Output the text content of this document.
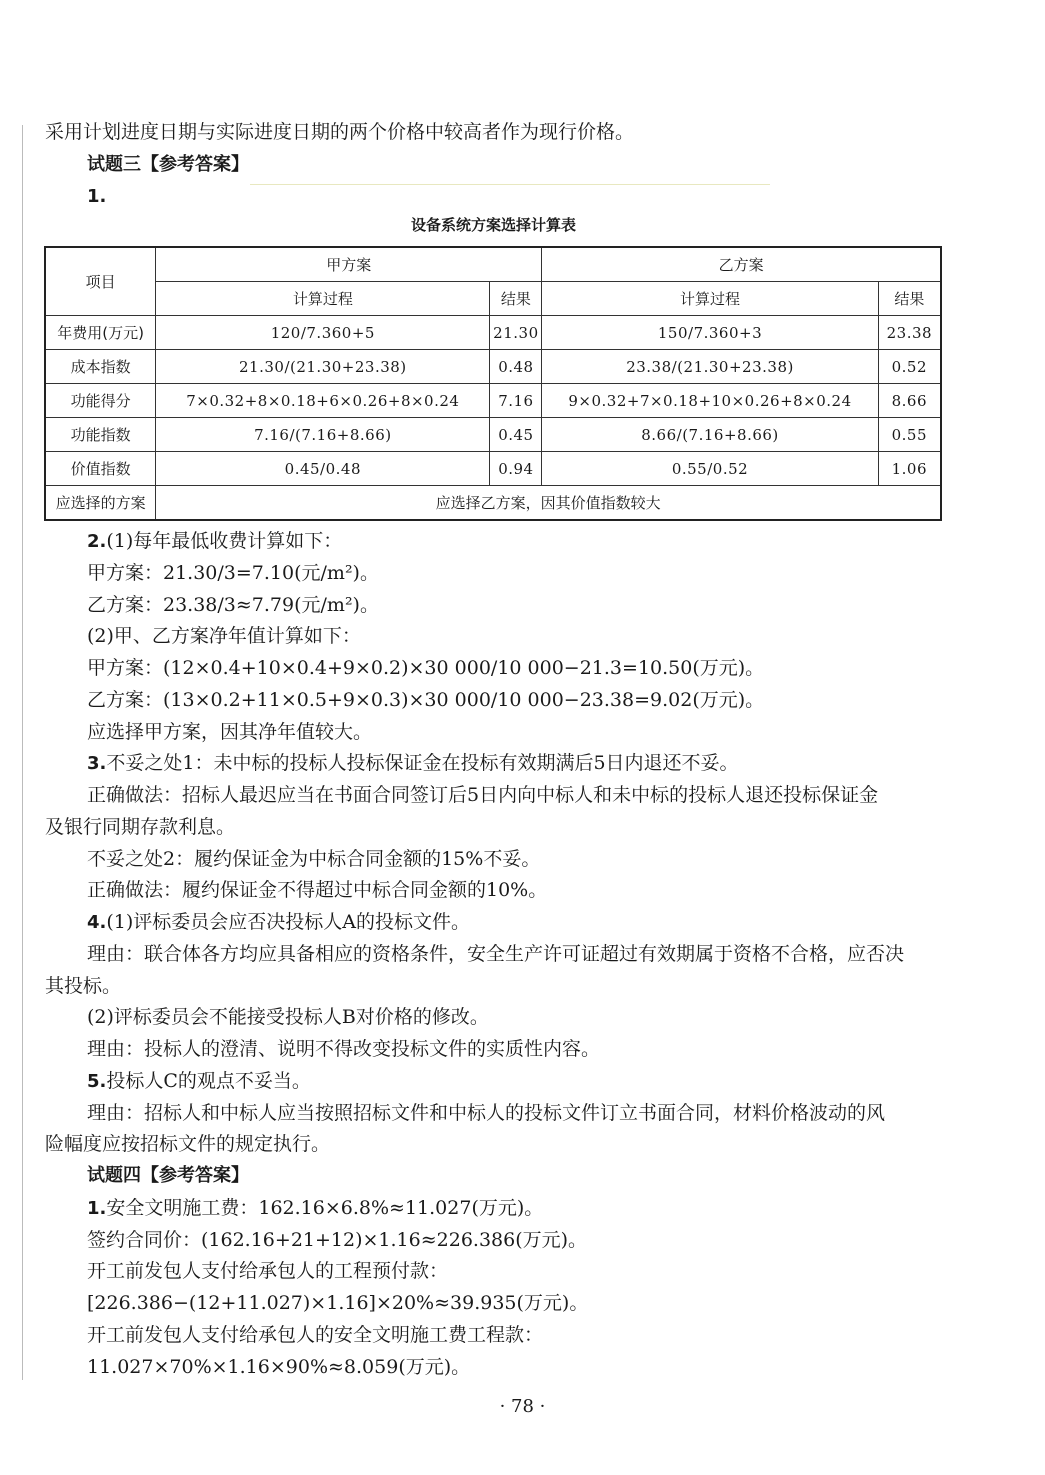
采用计划进度日期与实际进度日期的两个价格中较高者作为现行价格。
试题三【参考答案】
1.
设备系统方案选择计算表
项目	甲方案		乙方案	
	计算过程	结果	计算过程	结果
年费用(万元)	120/7.360+5	21.30	150/7.360+3	23.38
成本指数	21.30/(21.30+23.38)	0.48	23.38/(21.30+23.38)	0.52
功能得分	7×0.32+8×0.18+6×0.26+8×0.24	7.16	9×0.32+7×0.18+10×0.26+8×0.24	8.66
功能指数	7.16/(7.16+8.66)	0.45	8.66/(7.16+8.66)	0.55
价值指数	0.45/0.48	0.94	0.55/0.52	1.06
应选择的方案	应选择乙方案，因其价值指数较大			
2.(1)每年最低收费计算如下：
甲方案：21.30/3=7.10(元/m²)。
乙方案：23.38/3≈7.79(元/m²)。
(2)甲、乙方案净年值计算如下：
甲方案：(12×0.4+10×0.4+9×0.2)×30 000/10 000−21.3=10.50(万元)。
乙方案：(13×0.2+11×0.5+9×0.3)×30 000/10 000−23.38=9.02(万元)。
应选择甲方案，因其净年值较大。
3.不妥之处1：未中标的投标人投标保证金在投标有效期满后5日内退还不妥。
正确做法：招标人最迟应当在书面合同签订后5日内向中标人和未中标的投标人退还投标保证金
及银行同期存款利息。
不妥之处2：履约保证金为中标合同金额的15%不妥。
正确做法：履约保证金不得超过中标合同金额的10%。
4.(1)评标委员会应否决投标人A的投标文件。
理由：联合体各方均应具备相应的资格条件，安全生产许可证超过有效期属于资格不合格，应否决
其投标。
(2)评标委员会不能接受投标人B对价格的修改。
理由：投标人的澄清、说明不得改变投标文件的实质性内容。
5.投标人C的观点不妥当。
理由：招标人和中标人应当按照招标文件和中标人的投标文件订立书面合同，材料价格波动的风
险幅度应按招标文件的规定执行。
试题四【参考答案】
1.安全文明施工费：162.16×6.8%≈11.027(万元)。
签约合同价：(162.16+21+12)×1.16≈226.386(万元)。
开工前发包人支付给承包人的工程预付款：
[226.386−(12+11.027)×1.16]×20%≈39.935(万元)。
开工前发包人支付给承包人的安全文明施工费工程款：
11.027×70%×1.16×90%≈8.059(万元)。
· 78 ·
